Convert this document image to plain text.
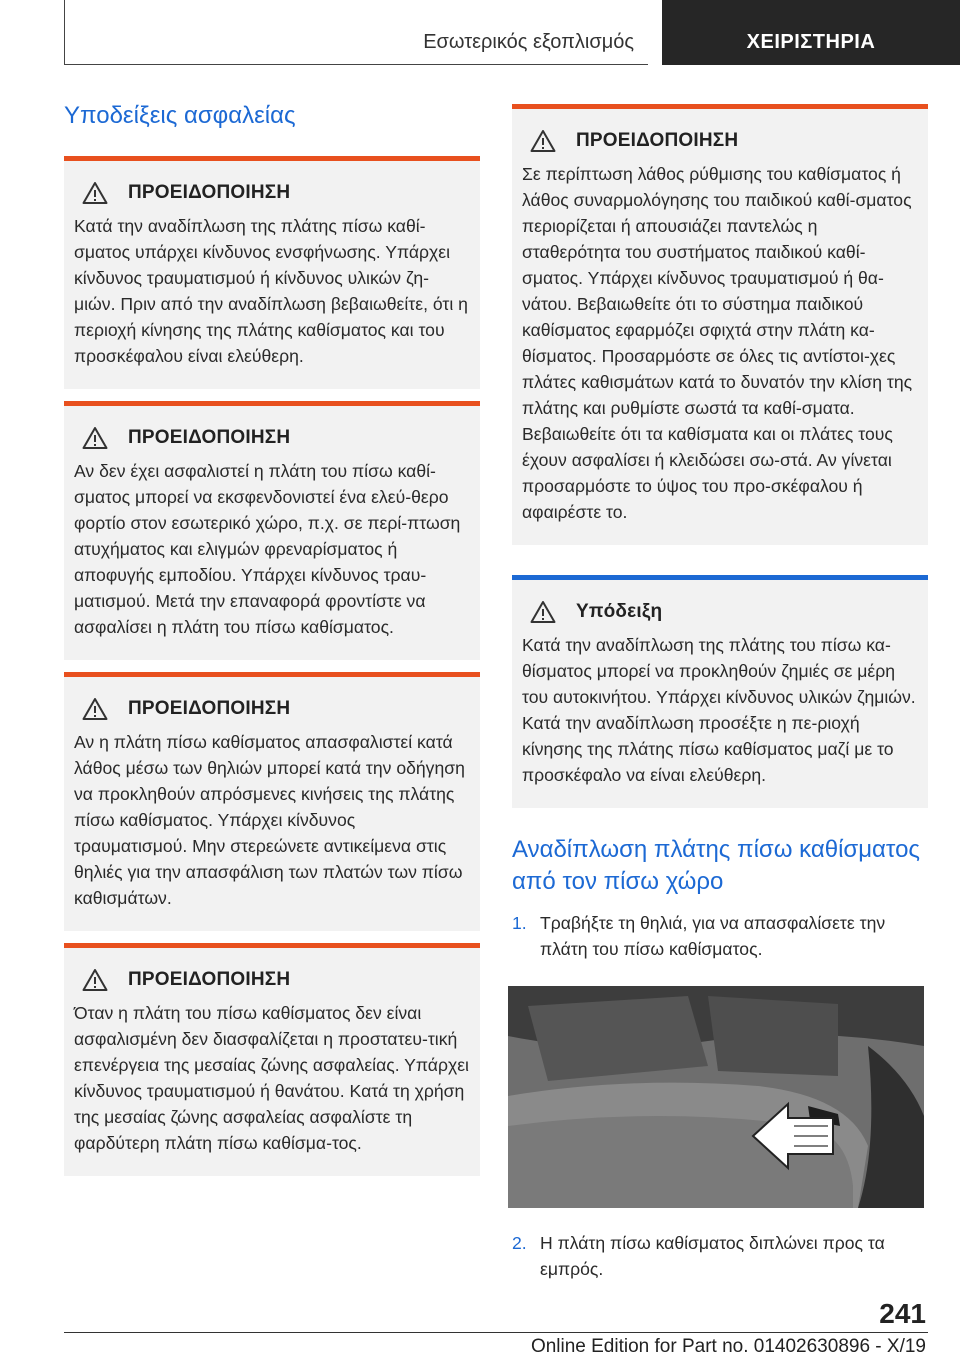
Εσωτερικός εξοπλισμός	ΧΕΙΡΙΣΤΗΡΙΑ
Υποδείξεις ασφαλείας
ΠΡΟΕΙΔΟΠΟΙΗΣΗ

Κατά την αναδίπλωση της πλάτης πίσω καθί-σματος υπάρχει κίνδυνος ενσφήνωσης. Υπάρχει κίνδυνος τραυματισμού ή κίνδυνος υλικών ζη-μιών. Πριν από την αναδίπλωση βεβαιωθείτε, ότι η περιοχή κίνησης της πλάτης καθίσματος και του προσκέφαλου είναι ελεύθερη.

ΠΡΟΕΙΔΟΠΟΙΗΣΗ

Αν δεν έχει ασφαλιστεί η πλάτη του πίσω καθί-σματος μπορεί να εκσφενδονιστεί ένα ελεύ-θερο φορτίο στον εσωτερικό χώρο, π.χ. σε περί-πτωση ατυχήματος και ελιγμών φρεναρίσματος ή αποφυγής εμποδίου. Υπάρχει κίνδυνος τραυ-ματισμού. Μετά την επαναφορά φροντίστε να ασφαλίσει η πλάτη του πίσω καθίσματος.

ΠΡΟΕΙΔΟΠΟΙΗΣΗ

Αν η πλάτη πίσω καθίσματος απασφαλιστεί κατά λάθος μέσω των θηλιών μπορεί κατά την οδήγηση να προκληθούν απρόσμενες κινήσεις της πλάτης πίσω καθίσματος. Υπάρχει κίνδυνος τραυματισμού. Μην στερεώνετε αντικείμενα στις θηλιές για την απασφάλιση των πλατών των πίσω καθισμάτων.

ΠΡΟΕΙΔΟΠΟΙΗΣΗ

Όταν η πλάτη του πίσω καθίσματος δεν είναι ασφαλισμένη δεν διασφαλίζεται η προστατευ-τική επενέργεια της μεσαίας ζώνης ασφαλείας. Υπάρχει κίνδυνος τραυματισμού ή θανάτου. Κατά τη χρήση της μεσαίας ζώνης ασφαλείας ασφαλίστε τη φαρδύτερη πλάτη πίσω καθίσμα-τος.

ΠΡΟΕΙΔΟΠΟΙΗΣΗ

Σε περίπτωση λάθος ρύθμισης του καθίσματος ή λάθος συναρμολόγησης του παιδικού καθί-σματος περιορίζεται ή απουσιάζει παντελώς η σταθερότητα του συστήματος παιδικού καθί-σματος. Υπάρχει κίνδυνος τραυματισμού ή θα-νάτου. Βεβαιωθείτε ότι το σύστημα παιδικού καθίσματος εφαρμόζει σφιχτά στην πλάτη κα-θίσματος. Προσαρμόστε σε όλες τις αντίστοι-χες πλάτες καθισμάτων κατά το δυνατόν την κλίση της πλάτης και ρυθμίστε σωστά τα καθί-σματα. Βεβαιωθείτε ότι τα καθίσματα και οι πλάτες τους έχουν ασφαλίσει ή κλειδώσει σω-στά. Αν γίνεται προσαρμόστε το ύψος του προ-σκέφαλου ή αφαιρέστε το.

Υπόδειξη

Κατά την αναδίπλωση της πλάτης του πίσω κα-θίσματος μπορεί να προκληθούν ζημιές σε μέρη του αυτοκινήτου. Υπάρχει κίνδυνος υλικών ζημιών. Κατά την αναδίπλωση προσέξτε η πε-ριοχή κίνησης της πλάτης πίσω καθίσματος μαζί με το προσκέφαλο να είναι ελεύθερη.

Αναδίπλωση πλάτης πίσω καθίσματος από τον πίσω χώρο
1. Τραβήξτε τη θηλιά, για να απασφαλίσετε την πλάτη του πίσω καθίσματος.
2. Η πλάτη πίσω καθίσματος διπλώνει προς τα εμπρός.
241
Online Edition for Part no. 01402630896 - X/19
